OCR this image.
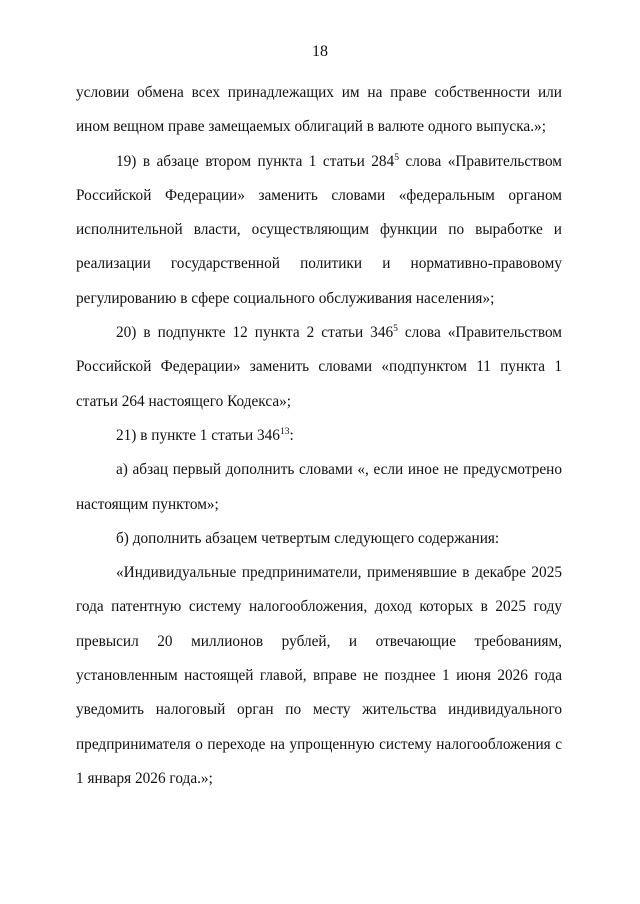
18

условии обмена всех принадлежащих им на праве собственности или ином вещном праве замещаемых облигаций в валюте одного выпуска.»;

19) в абзаце втором пункта 1 статьи $284^5$ слова «Правительством Российской Федерации» заменить словами «федеральным органом исполнительной власти, осуществляющим функции по выработке и реализации государственной политики и нормативно-правовому регулированию в сфере социального обслуживания населения»;

20) в подпункте 12 пункта 2 статьи $346^5$ слова «Правительством Российской Федерации» заменить словами «подпунктом 11 пункта 1 статьи 264 настоящего Кодекса»;

21) в пункте 1 статьи $346^{13}$:

а) абзац первый дополнить словами «, если иное не предусмотрено настоящим пунктом»;

б) дополнить абзацем четвертым следующего содержания:

«Индивидуальные предприниматели, применявшие в декабре 2025 года патентную систему налогообложения, доход которых в 2025 году превысил 20 миллионов рублей, и отвечающие требованиям, установленным настоящей главой, вправе не позднее 1 июня 2026 года уведомить налоговый орган по месту жительства индивидуального предпринимателя о переходе на упрощенную систему налогообложения с 1 января 2026 года.»;
